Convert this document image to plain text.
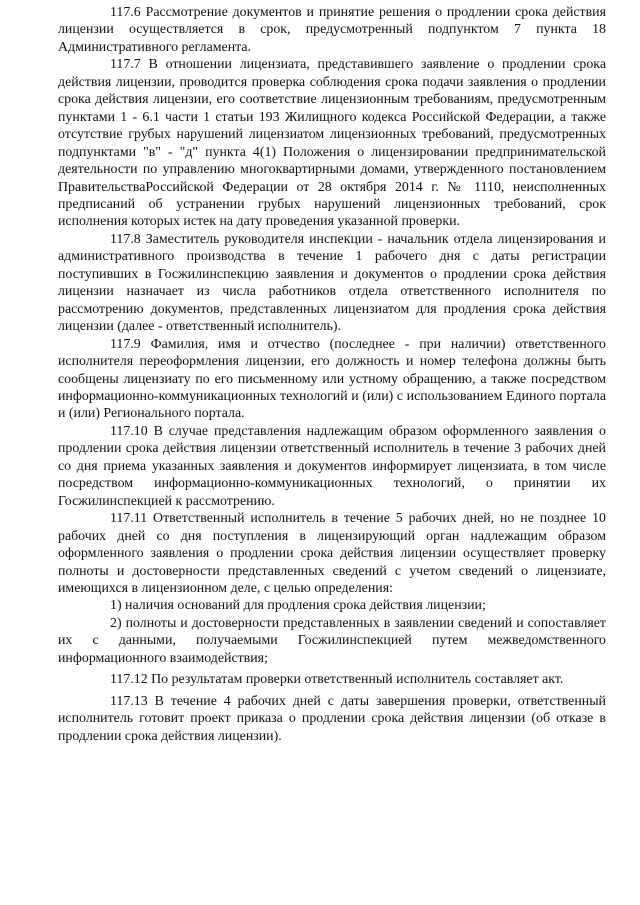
117.6 Рассмотрение документов и принятие решения о продлении срока действия лицензии осуществляется в срок, предусмотренный подпунктом 7 пункта 18 Административного регламента.

117.7 В отношении лицензиата, представившего заявление о продлении срока действия лицензии, проводится проверка соблюдения срока подачи заявления о продлении срока действия лицензии, его соответствие лицензионным требованиям, предусмотренным пунктами 1 - 6.1 части 1 статьи 193 Жилищного кодекса Российской Федерации, а также отсутствие грубых нарушений лицензиатом лицензионных требований, предусмотренных подпунктами "в" - "д" пункта 4(1) Положения о лицензировании предпринимательской деятельности по управлению многоквартирными домами, утвержденного постановлением ПравительстваРоссийской Федерации от 28 октября 2014 г. № 1110, неисполненных предписаний об устранении грубых нарушений лицензионных требований, срок исполнения которых истек на дату проведения указанной проверки.

117.8 Заместитель руководителя инспекции - начальник отдела лицензирования и административного производства в течение 1 рабочего дня с даты регистрации поступивших в Госжилинспекцию заявления и документов о продлении срока действия лицензии назначает из числа работников отдела ответственного исполнителя по рассмотрению документов, представленных лицензиатом для продления срока действия лицензии (далее - ответственный исполнитель).

117.9 Фамилия, имя и отчество (последнее - при наличии) ответственного исполнителя переоформления лицензии, его должность и номер телефона должны быть сообщены лицензиату по его письменному или устному обращению, а также посредством информационно-коммуникационных технологий и (или) с использованием Единого портала и (или) Регионального портала.

117.10 В случае представления надлежащим образом оформленного заявления о продлении срока действия лицензии ответственный исполнитель в течение 3 рабочих дней со дня приема указанных заявления и документов информирует лицензиата, в том числе посредством информационно-коммуникационных технологий, о принятии их Госжилинспекцией к рассмотрению.

117.11 Ответственный исполнитель в течение 5 рабочих дней, но не позднее 10 рабочих дней со дня поступления в лицензирующий орган надлежащим образом оформленного заявления о продлении срока действия лицензии осуществляет проверку полноты и достоверности представленных сведений с учетом сведений о лицензиате, имеющихся в лицензионном деле, с целью определения:

1) наличия оснований для продления срока действия лицензии;

2) полноты и достоверности представленных в заявлении сведений и сопоставляет их с данными, получаемыми Госжилинспекцией путем межведомственного информационного взаимодействия;

117.12 По результатам проверки ответственный исполнитель составляет акт.

117.13 В течение 4 рабочих дней с даты завершения проверки, ответственный исполнитель готовит проект приказа о продлении срока действия лицензии (об отказе в продлении срока действия лицензии).
